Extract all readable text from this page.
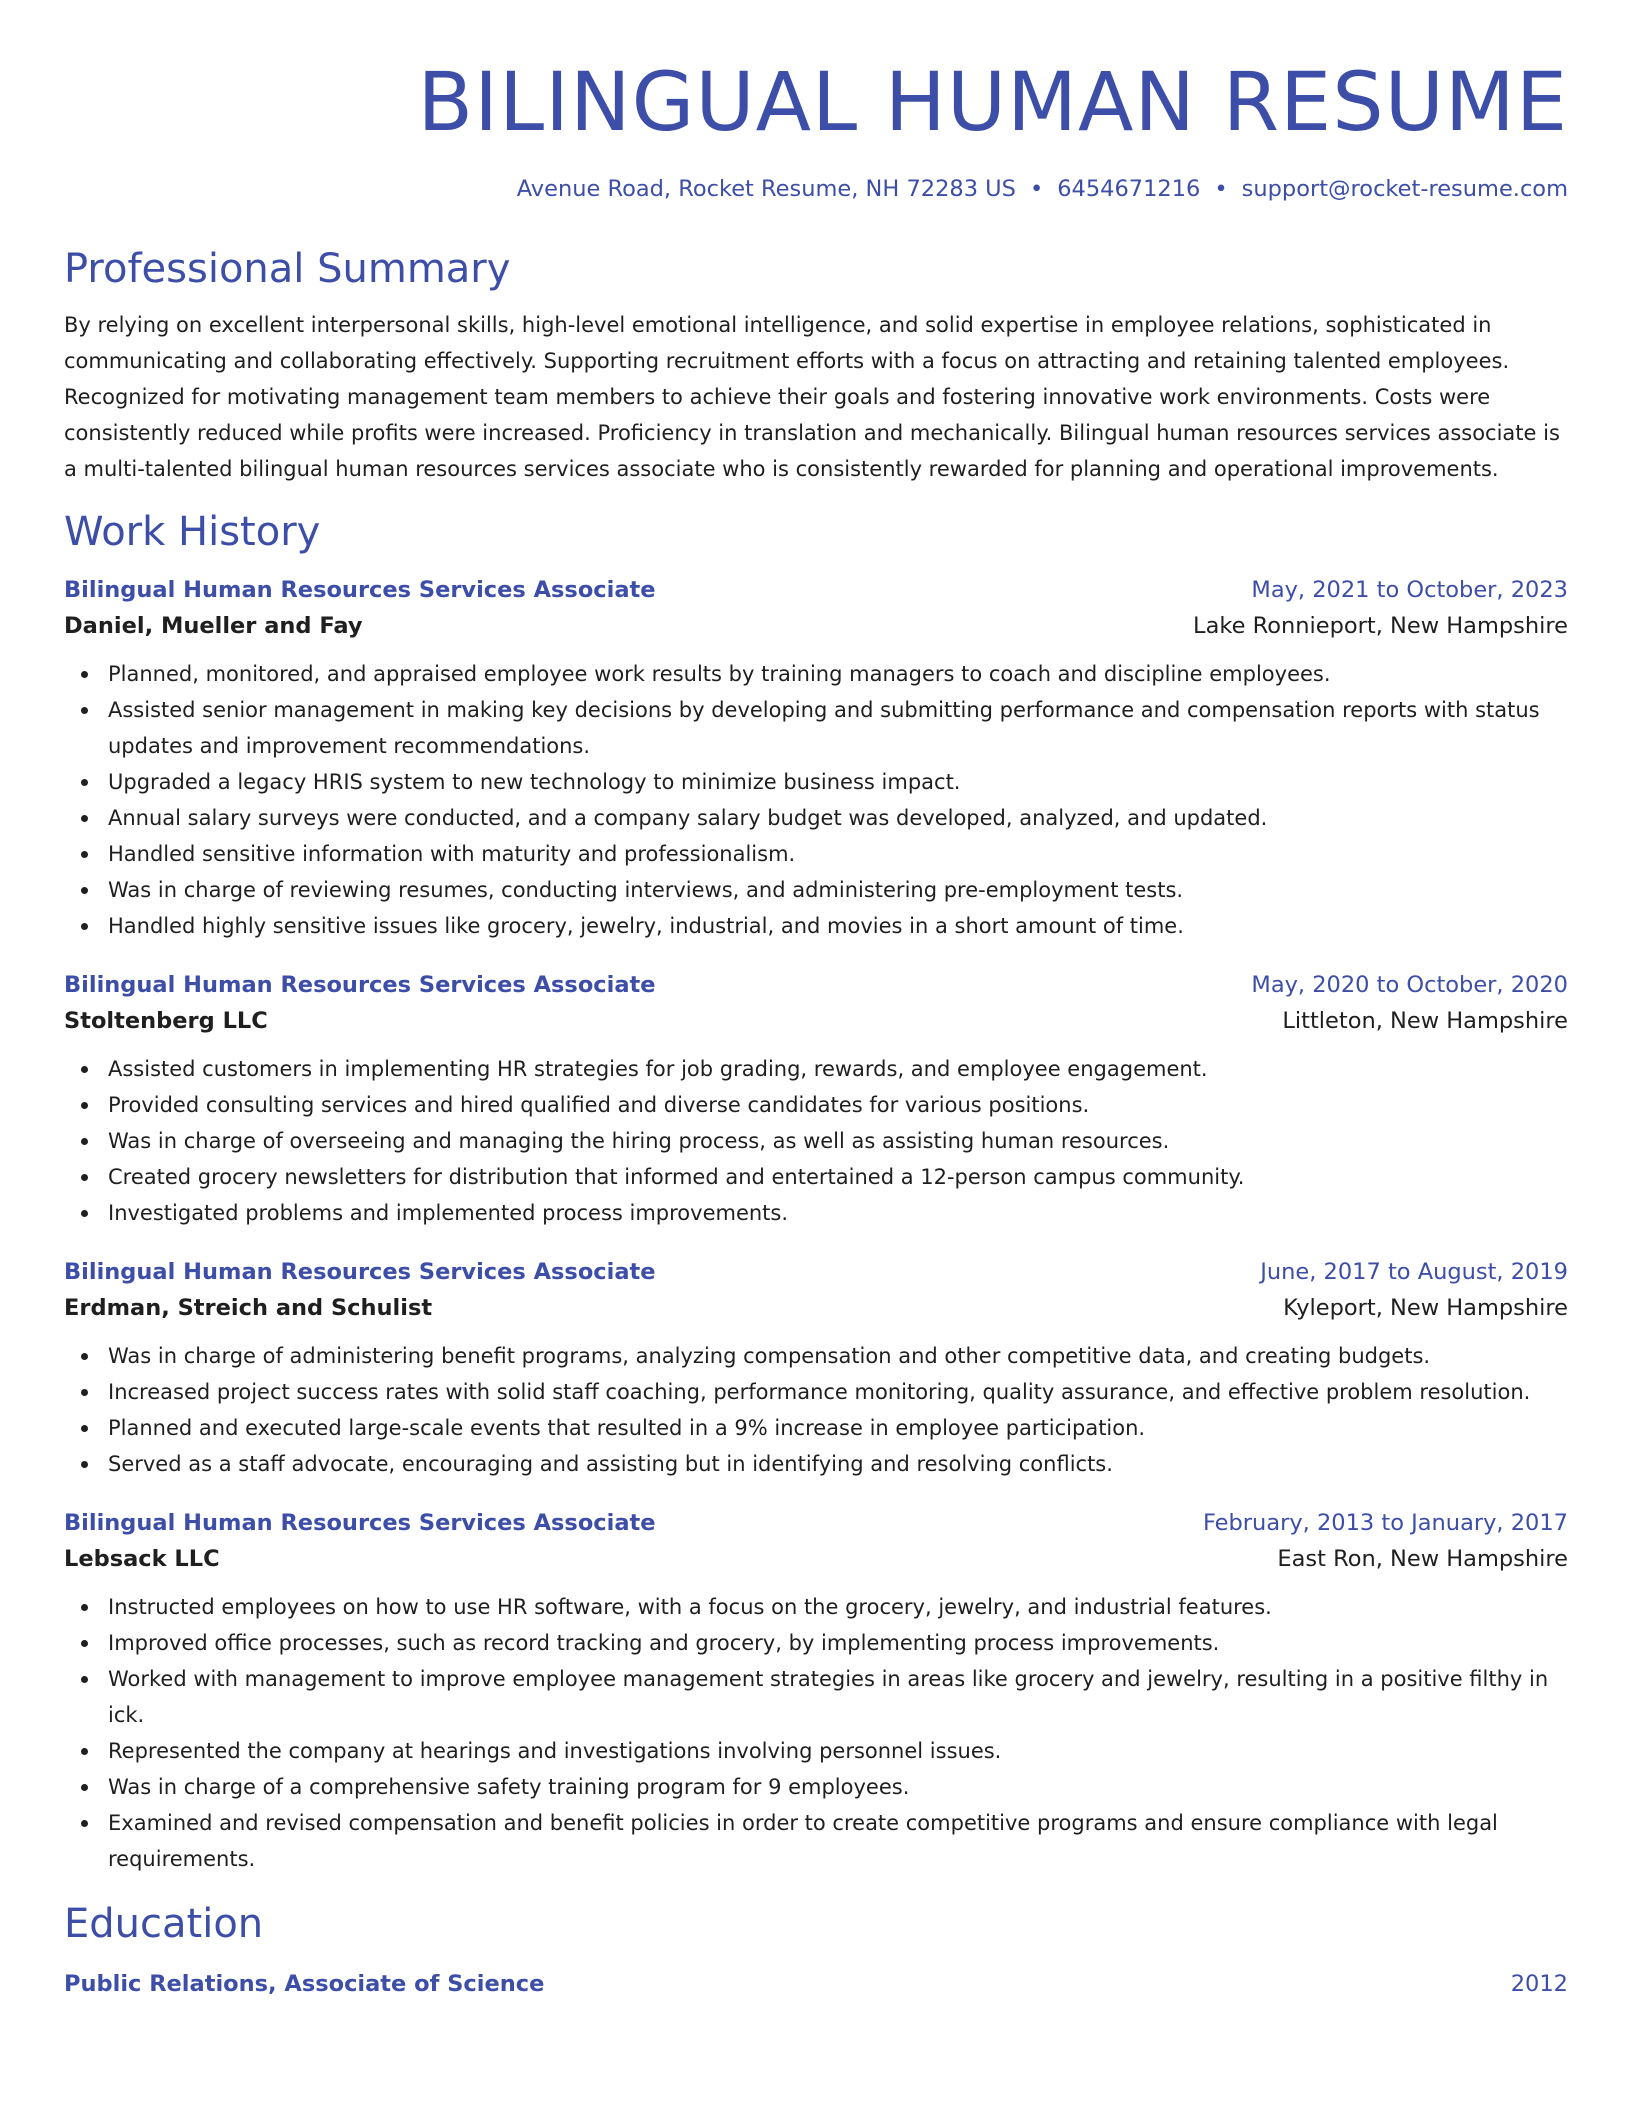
BILINGUAL HUMAN RESUME
Avenue Road, Rocket Resume, NH 72283 US • 6454671216 • support@rocket-resume.com
Professional Summary

By relying on excellent interpersonal skills, high-level emotional intelligence, and solid expertise in employee relations, sophisticated in communicating and collaborating effectively. Supporting recruitment efforts with a focus on attracting and retaining talented employees. Recognized for motivating management team members to achieve their goals and fostering innovative work environments. Costs were consistently reduced while profits were increased. Proficiency in translation and mechanically. Bilingual human resources services associate is a multi-talented bilingual human resources services associate who is consistently rewarded for planning and operational improvements.

Work History
Bilingual Human Resources Services Associate	May, 2021 to October, 2023
Daniel, Mueller and Fay	Lake Ronnieport, New Hampshire
Planned, monitored, and appraised employee work results by training managers to coach and discipline employees.
Assisted senior management in making key decisions by developing and submitting performance and compensation reports with status updates and improvement recommendations.
Upgraded a legacy HRIS system to new technology to minimize business impact.
Annual salary surveys were conducted, and a company salary budget was developed, analyzed, and updated.
Handled sensitive information with maturity and professionalism.
Was in charge of reviewing resumes, conducting interviews, and administering pre-employment tests.
Handled highly sensitive issues like grocery, jewelry, industrial, and movies in a short amount of time.
Bilingual Human Resources Services Associate	May, 2020 to October, 2020
Stoltenberg LLC	Littleton, New Hampshire
Assisted customers in implementing HR strategies for job grading, rewards, and employee engagement.
Provided consulting services and hired qualified and diverse candidates for various positions.
Was in charge of overseeing and managing the hiring process, as well as assisting human resources.
Created grocery newsletters for distribution that informed and entertained a 12-person campus community.
Investigated problems and implemented process improvements.
Bilingual Human Resources Services Associate	June, 2017 to August, 2019
Erdman, Streich and Schulist	Kyleport, New Hampshire
Was in charge of administering benefit programs, analyzing compensation and other competitive data, and creating budgets.
Increased project success rates with solid staff coaching, performance monitoring, quality assurance, and effective problem resolution.
Planned and executed large-scale events that resulted in a 9% increase in employee participation.
Served as a staff advocate, encouraging and assisting but in identifying and resolving conflicts.
Bilingual Human Resources Services Associate	February, 2013 to January, 2017
Lebsack LLC	East Ron, New Hampshire
Instructed employees on how to use HR software, with a focus on the grocery, jewelry, and industrial features.
Improved office processes, such as record tracking and grocery, by implementing process improvements.
Worked with management to improve employee management strategies in areas like grocery and jewelry, resulting in a positive filthy in ick.
Represented the company at hearings and investigations involving personnel issues.
Was in charge of a comprehensive safety training program for 9 employees.
Examined and revised compensation and benefit policies in order to create competitive programs and ensure compliance with legal requirements.
Education
Public Relations, Associate of Science	2012
